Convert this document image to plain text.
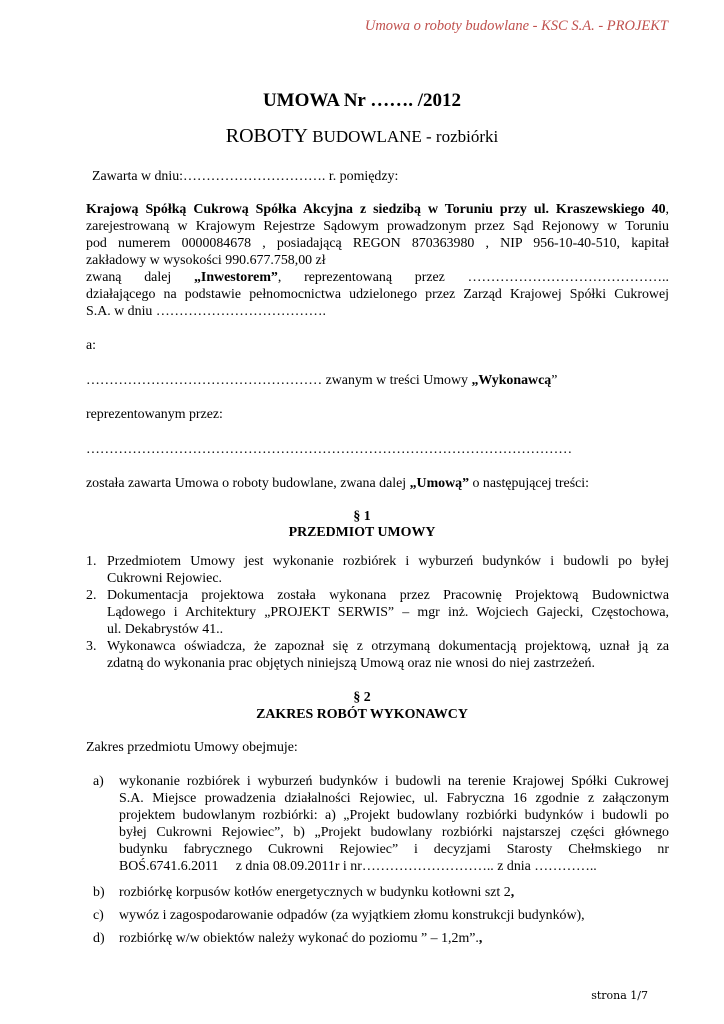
Umowa o roboty budowlane - KSC S.A. - PROJEKT
UMOWA Nr ……. /2012
ROBOTY BUDOWLANE - rozbiórki
Zawarta w dniu:…………………………. r. pomiędzy:
Krajową Spółką Cukrową Spółka Akcyjna z siedzibą w Toruniu przy ul. Kraszewskiego 40,
zarejestrowaną w Krajowym Rejestrze Sądowym prowadzonym przez Sąd Rejonowy w Toruniu
pod numerem 0000084678 , posiadającą REGON 870363980 , NIP 956-10-40-510, kapitał
zakładowy w wysokości 990.677.758,00 zł
zwaną dalej „Inwestorem”, reprezentowaną przez ……………………………………..
działającego na podstawie pełnomocnictwa udzielonego przez Zarząd Krajowej Spółki Cukrowej
S.A. w dniu ……………………………….
a:
…………………………………………… zwanym w treści Umowy „Wykonawcą”
reprezentowanym przez:
……………………………………………………………………………………………
została zawarta Umowa o roboty budowlane, zwana dalej „Umową” o następującej treści:
§ 1
PRZEDMIOT UMOWY
1. Przedmiotem Umowy jest wykonanie rozbiórek i wyburzeń budynków i budowli po byłej
Cukrowni Rejowiec.
2. Dokumentacja projektowa została wykonana przez Pracownię Projektową Budownictwa
Lądowego i Architektury „PROJEKT SERWIS” – mgr inż. Wojciech Gajecki, Częstochowa,
ul. Dekabrystów 41..
3. Wykonawca oświadcza, że zapoznał się z otrzymaną dokumentacją projektową, uznał ją za
zdatną do wykonania prac objętych niniejszą Umową oraz nie wnosi do niej zastrzeżeń.
§ 2
ZAKRES ROBÓT WYKONAWCY
Zakres przedmiotu Umowy obejmuje:
a) wykonanie rozbiórek i wyburzeń budynków i budowli na terenie Krajowej Spółki Cukrowej
S.A. Miejsce prowadzenia działalności Rejowiec, ul. Fabryczna 16 zgodnie z załączonym
projektem budowlanym rozbiórki: a) „Projekt budowlany rozbiórki budynków i budowli po
byłej Cukrowni Rejowiec”, b) „Projekt budowlany rozbiórki najstarszej części głównego
budynku fabrycznego Cukrowni Rejowiec” i decyzjami Starosty Chełmskiego nr
BOŚ.6741.6.2011     z dnia 08.09.2011r i nr……………………….. z dnia …………..
b) rozbiórkę korpusów kotłów energetycznych w budynku kotłowni szt 2,
c) wywóz i zagospodarowanie odpadów (za wyjątkiem złomu konstrukcji budynków),
d) rozbiórkę w/w obiektów należy wykonać do poziomu ” – 1,2m”.,
strona 1/7
